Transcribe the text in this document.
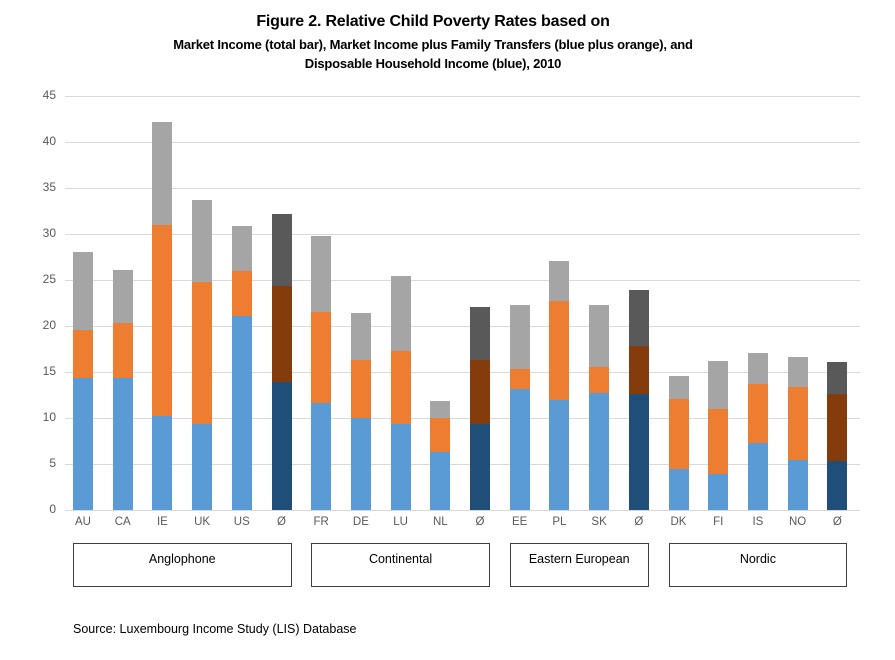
Figure 2. Relative Child Poverty Rates based on
Market Income (total bar), Market Income plus Family Transfers (blue plus orange), and
Disposable Household Income (blue), 2010
0
5
10
15
20
25
30
35
40
45
AU	CA	IE	UK	US	Ø	FR	DE	LU	NL	Ø	EE	PL	SK	Ø	DK	FI	IS	NO	Ø
Anglophone	Continental	Eastern European	Nordic
Source: Luxembourg Income Study (LIS) Database
